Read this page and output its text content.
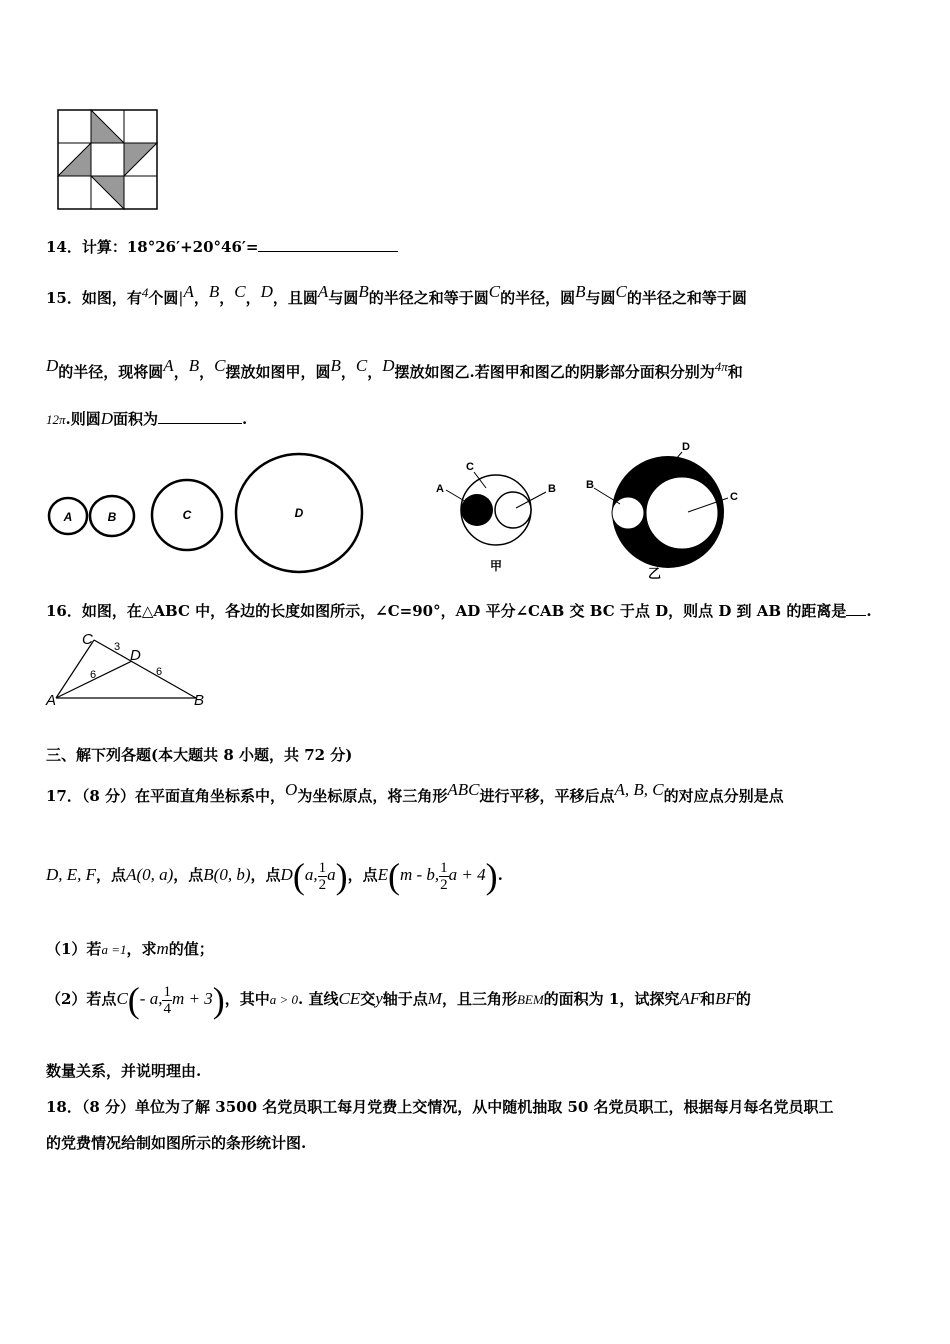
14．计算：18°26′+20°46′=
15．如图，有$^4$个圆$|^A$，$^B$，$^C$，$^D$，且圆$^A$与圆$^B$的半径之和等于圆$^C$的半径，圆$^B$与圆$^C$的半径之和等于圆
$^D$的半径，现将圆$^A$，$^B$，$^C$摆放如图甲，圆$^B$，$^C$，$^D$摆放如图乙.若图甲和图乙的阴影部分面积分别为$^{4\pi}$和
12π.则圆D面积为	.
A	B	C	D
A
C
B
甲
B
D
C
乙
16．如图，在△ABC 中，各边的长度如图所示，∠C=90°，AD 平分∠CAB 交 BC 于点 D，则点 D 到 AB 的距离是 .
C
D
A	B
3
6	6
三、解下列各题(本大题共 8 小题，共 72 分)
17．（8 分）在平面直角坐标系中，$^O$为坐标原点，将三角形$^{ABC}$进行平移，平移后点$^{A, B, C}$的对应点分别是点
D, E, F，点A(0, a)，点B(0, b)，点D(a, $\frac{1}{2} a$)，点E(m - b, $\frac{1}{2}$ a + 4).
（1）若a =1，求m的值；
（2）若点C(- a, $\frac{1}{4}$ m + 3)，其中a > 0. 直线CE交y轴于点M，且三角形BEM的面积为 1，试探究AF和BF的
数量关系，并说明理由.
18．（8 分）单位为了解 3500 名党员职工每月党费上交情况，从中随机抽取 50 名党员职工，根据每月每名党员职工
的党费情况给制如图所示的条形统计图.
